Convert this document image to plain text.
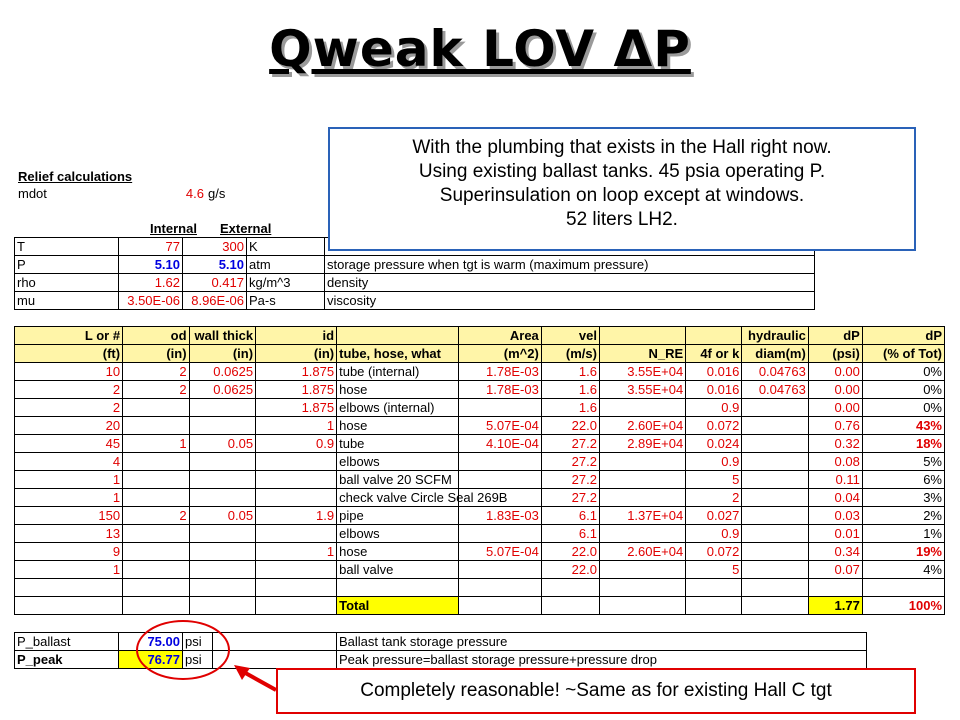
Qweak LOV ΔP
Relief calculations
mdot	4.6 g/s
Internal External
T	77	300	K	
P	5.10	5.10	atm	storage pressure when tgt is warm (maximum pressure)
rho	1.62	0.417	kg/m^3	density
mu	3.50E-06	8.96E-06	Pa-s	viscosity
L or #	od	wall thick	id		Area	vel			hydraulic	dP	dP
(ft)	(in)	(in)	(in)	tube, hose, what	(m^2)	(m/s)	N_RE	4f or k	diam(m)	(psi)	(% of Tot)
10	2	0.0625	1.875	tube (internal)	1.78E-03	1.6	3.55E+04	0.016	0.04763	0.00	0%
2	2	0.0625	1.875	hose	1.78E-03	1.6	3.55E+04	0.016	0.04763	0.00	0%
2			1.875	elbows (internal)		1.6		0.9		0.00	0%
20			1	hose	5.07E-04	22.0	2.60E+04	0.072		0.76	43%
45	1	0.05	0.9	tube	4.10E-04	27.2	2.89E+04	0.024		0.32	18%
4				elbows		27.2		0.9		0.08	5%
1				ball valve 20 SCFM		27.2		5		0.11	6%
1				check valve Circle Seal 269B		27.2		2		0.04	3%
150	2	0.05	1.9	pipe	1.83E-03	6.1	1.37E+04	0.027		0.03	2%
13				elbows		6.1		0.9		0.01	1%
9			1	hose	5.07E-04	22.0	2.60E+04	0.072		0.34	19%
1				ball valve		22.0		5		0.07	4%

				Total						1.77	100%
P_ballast	75.00	psi		Ballast tank storage pressure
P_peak	76.77	psi		Peak pressure=ballast storage pressure+pressure drop
With the plumbing that exists in the Hall right now.
Using existing ballast tanks. 45 psia operating P.
Superinsulation on loop except at windows.
52 liters LH2.
Completely reasonable! ~Same as for existing Hall C tgt
